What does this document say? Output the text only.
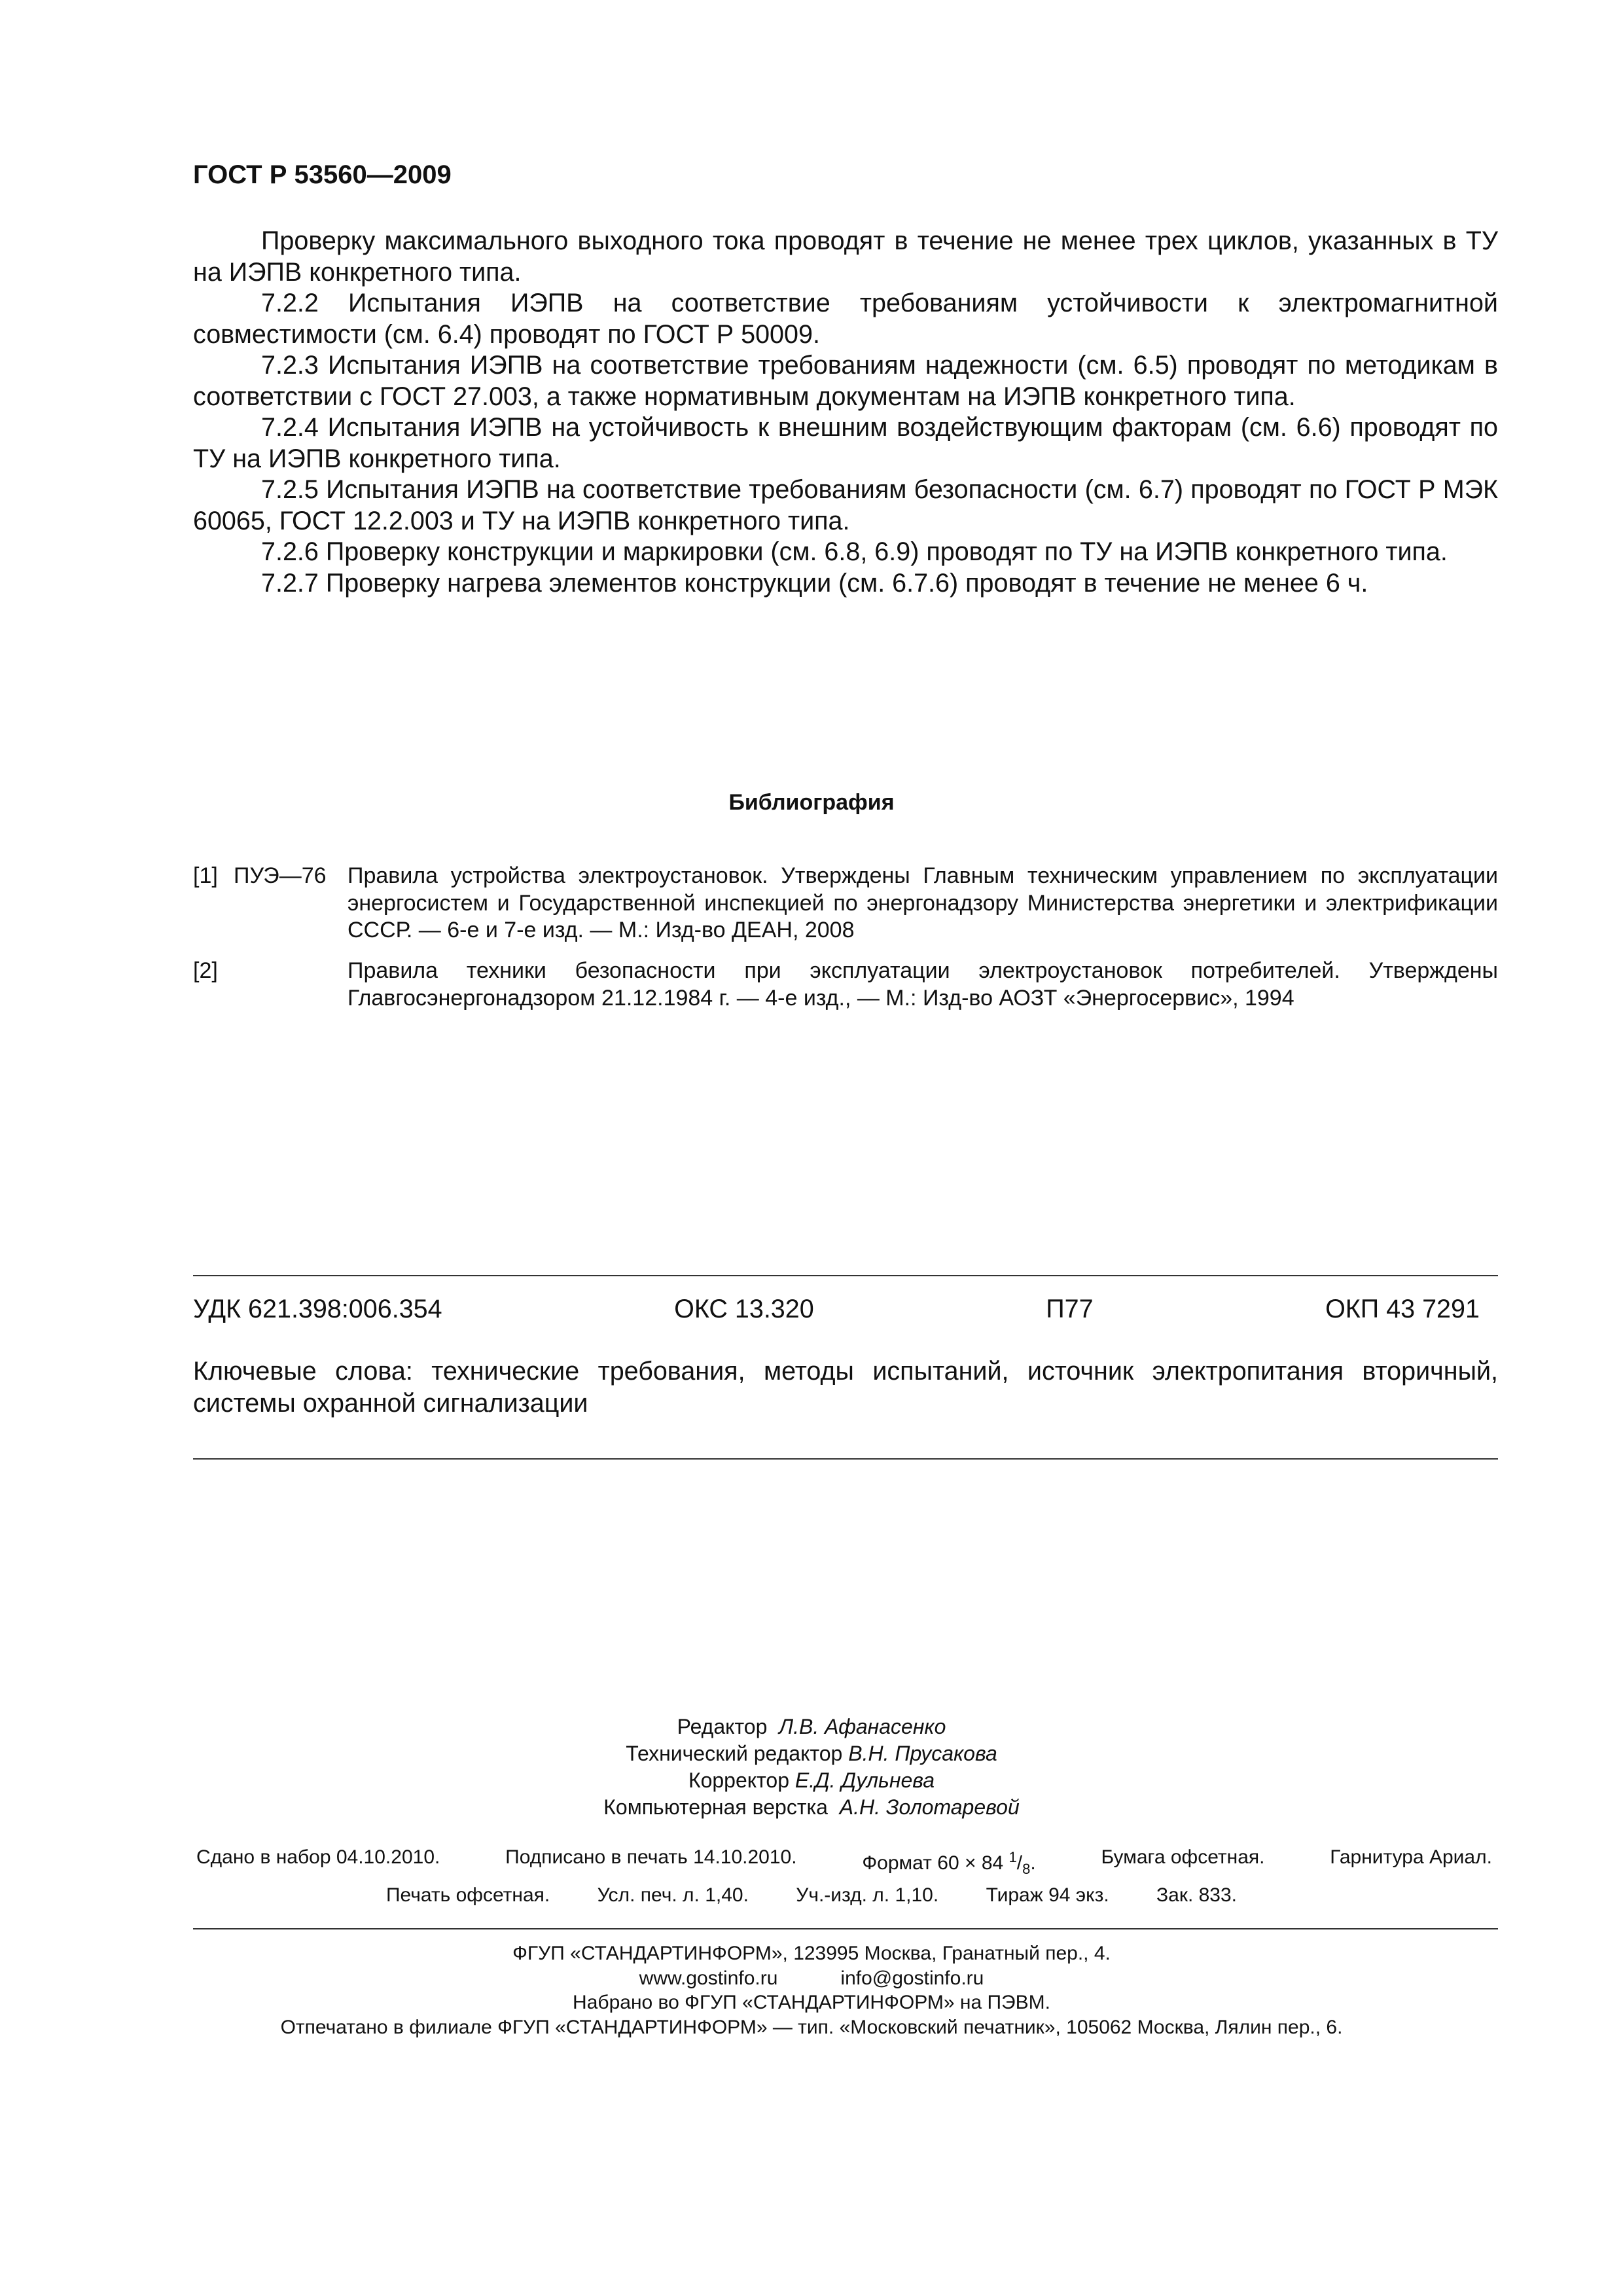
ГОСТ Р 53560—2009

Проверку максимального выходного тока проводят в течение не менее трех циклов, указанных в ТУ на ИЭПВ конкретного типа.

7.2.2 Испытания ИЭПВ на соответствие требованиям устойчивости к электромагнитной совместимости (см. 6.4) проводят по ГОСТ Р 50009.

7.2.3 Испытания ИЭПВ на соответствие требованиям надежности (см. 6.5) проводят по методикам в соответствии с ГОСТ 27.003, а также нормативным документам на ИЭПВ конкретного типа.

7.2.4 Испытания ИЭПВ на устойчивость к внешним воздействующим факторам (см. 6.6) проводят по ТУ на ИЭПВ конкретного типа.

7.2.5 Испытания ИЭПВ на соответствие требованиям безопасности (см. 6.7) проводят по ГОСТ Р МЭК 60065, ГОСТ 12.2.003 и ТУ на ИЭПВ конкретного типа.

7.2.6 Проверку конструкции и маркировки (см. 6.8, 6.9) проводят по ТУ на ИЭПВ конкретного типа.

7.2.7 Проверку нагрева элементов конструкции (см. 6.7.6) проводят в течение не менее 6 ч.

Библиография
[1] ПУЭ—76 Правила устройства электроустановок. Утверждены Главным техническим управлением по эксплуатации энергосистем и Государственной инспекцией по энергонадзору Министерства энергетики и электрификации СССР. — 6-е и 7-е изд. — М.: Изд-во ДЕАН, 2008
[2]	Правила техники безопасности при эксплуатации электроустановок потребителей. Утверждены Главгосэнергонадзором 21.12.1984 г. — 4-е изд., — М.: Изд-во АОЗТ «Энергосервис», 1994
УДК 621.398:006.354	ОКС 13.320	П77	ОКП 43 7291

Ключевые слова: технические требования, методы испытаний, источник электропитания вторичный, системы охранной сигнализации

Редактор Л.В. Афанасенко
Технический редактор В.Н. Прусакова
Корректор Е.Д. Дульнева
Компьютерная верстка А.Н. Золотаревой
Сдано в набор 04.10.2010.	Подписано в печать 14.10.2010.	Формат 60 × 84 $^1/_8$.	Бумага офсетная.	Гарнитура Ариал.
Печать офсетная. Усл. печ. л. 1,40. Уч.-изд. л. 1,10. Тираж 94 экз. Зак. 833.
ФГУП «СТАНДАРТИНФОРМ», 123995 Москва, Гранатный пер., 4.
www.gostinfo.ru	info@gostinfo.ru
Набрано во ФГУП «СТАНДАРТИНФОРМ» на ПЭВМ.
Отпечатано в филиале ФГУП «СТАНДАРТИНФОРМ» — тип. «Московский печатник», 105062 Москва, Лялин пер., 6.
